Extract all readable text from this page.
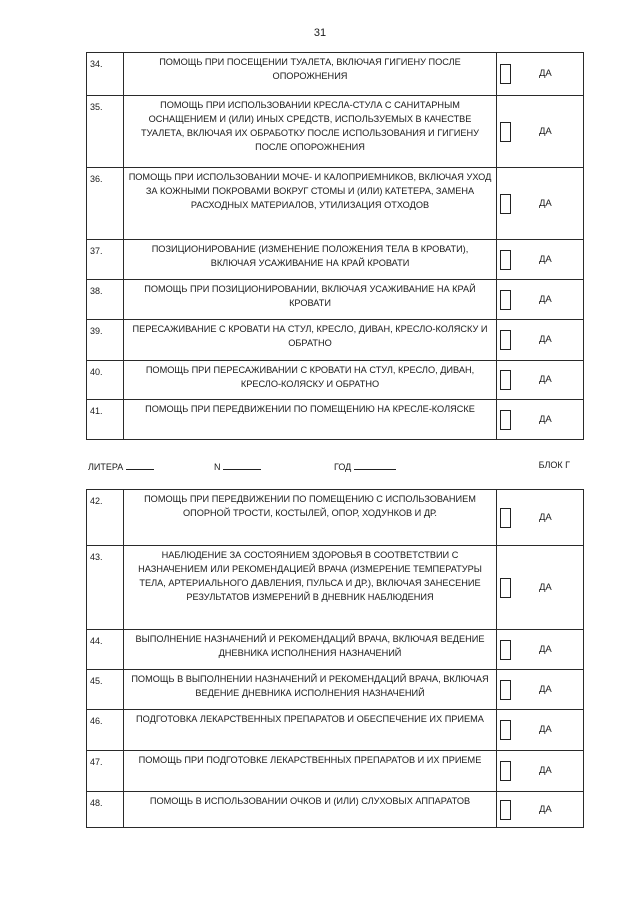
31
34.	ПОМОЩЬ ПРИ ПОСЕЩЕНИИ ТУАЛЕТА, ВКЛЮЧАЯ ГИГИЕНУ ПОСЛЕ ОПОРОЖНЕНИЯ	ДА

35.	ПОМОЩЬ ПРИ ИСПОЛЬЗОВАНИИ КРЕСЛА-СТУЛА С САНИТАРНЫМ ОСНАЩЕНИЕМ И (ИЛИ) ИНЫХ СРЕДСТВ, ИСПОЛЬЗУЕМЫХ В КАЧЕСТВЕ ТУАЛЕТА, ВКЛЮЧАЯ ИХ ОБРАБОТКУ ПОСЛЕ ИСПОЛЬЗОВАНИЯ И ГИГИЕНУ ПОСЛЕ ОПОРОЖНЕНИЯ	ДА

36.	ПОМОЩЬ ПРИ ИСПОЛЬЗОВАНИИ МОЧЕ- И КАЛОПРИЕМНИКОВ, ВКЛЮЧАЯ УХОД ЗА КОЖНЫМИ ПОКРОВАМИ ВОКРУГ СТОМЫ И (ИЛИ) КАТЕТЕРА, ЗАМЕНА РАСХОДНЫХ МАТЕРИАЛОВ, УТИЛИЗАЦИЯ ОТХОДОВ	ДА

37.	ПОЗИЦИОНИРОВАНИЕ (ИЗМЕНЕНИЕ ПОЛОЖЕНИЯ ТЕЛА В КРОВАТИ), ВКЛЮЧАЯ УСАЖИВАНИЕ НА КРАЙ КРОВАТИ	ДА

38.	ПОМОЩЬ ПРИ ПОЗИЦИОНИРОВАНИИ, ВКЛЮЧАЯ УСАЖИВАНИЕ НА КРАЙ КРОВАТИ	ДА

39.	ПЕРЕСАЖИВАНИЕ С КРОВАТИ НА СТУЛ, КРЕСЛО, ДИВАН, КРЕСЛО-КОЛЯСКУ И ОБРАТНО	ДА

40.	ПОМОЩЬ ПРИ ПЕРЕСАЖИВАНИИ С КРОВАТИ НА СТУЛ, КРЕСЛО, ДИВАН, КРЕСЛО-КОЛЯСКУ И ОБРАТНО	ДА

41.	ПОМОЩЬ ПРИ ПЕРЕДВИЖЕНИИ ПО ПОМЕЩЕНИЮ НА КРЕСЛЕ-КОЛЯСКЕ	ДА
ЛИТЕРА	N	ГОД	БЛОК Г
42.	ПОМОЩЬ ПРИ ПЕРЕДВИЖЕНИИ ПО ПОМЕЩЕНИЮ С ИСПОЛЬЗОВАНИЕМ ОПОРНОЙ ТРОСТИ, КОСТЫЛЕЙ, ОПОР, ХОДУНКОВ И ДР.	ДА

43.	НАБЛЮДЕНИЕ ЗА СОСТОЯНИЕМ ЗДОРОВЬЯ В СООТВЕТСТВИИ С НАЗНАЧЕНИЕМ ИЛИ РЕКОМЕНДАЦИЕЙ ВРАЧА (ИЗМЕРЕНИЕ ТЕМПЕРАТУРЫ ТЕЛА, АРТЕРИАЛЬНОГО ДАВЛЕНИЯ, ПУЛЬСА И ДР.), ВКЛЮЧАЯ ЗАНЕСЕНИЕ РЕЗУЛЬТАТОВ ИЗМЕРЕНИЙ В ДНЕВНИК НАБЛЮДЕНИЯ	ДА

44.	ВЫПОЛНЕНИЕ НАЗНАЧЕНИЙ И РЕКОМЕНДАЦИЙ ВРАЧА, ВКЛЮЧАЯ ВЕДЕНИЕ ДНЕВНИКА ИСПОЛНЕНИЯ НАЗНАЧЕНИЙ	ДА

45.	ПОМОЩЬ В ВЫПОЛНЕНИИ НАЗНАЧЕНИЙ И РЕКОМЕНДАЦИЙ ВРАЧА, ВКЛЮЧАЯ ВЕДЕНИЕ ДНЕВНИКА ИСПОЛНЕНИЯ НАЗНАЧЕНИЙ	ДА

46.	ПОДГОТОВКА ЛЕКАРСТВЕННЫХ ПРЕПАРАТОВ И ОБЕСПЕЧЕНИЕ ИХ ПРИЕМА	ДА

47.	ПОМОЩЬ ПРИ ПОДГОТОВКЕ ЛЕКАРСТВЕННЫХ ПРЕПАРАТОВ И ИХ ПРИЕМЕ	ДА

48.	ПОМОЩЬ В ИСПОЛЬЗОВАНИИ ОЧКОВ И (ИЛИ) СЛУХОВЫХ АППАРАТОВ	ДА
